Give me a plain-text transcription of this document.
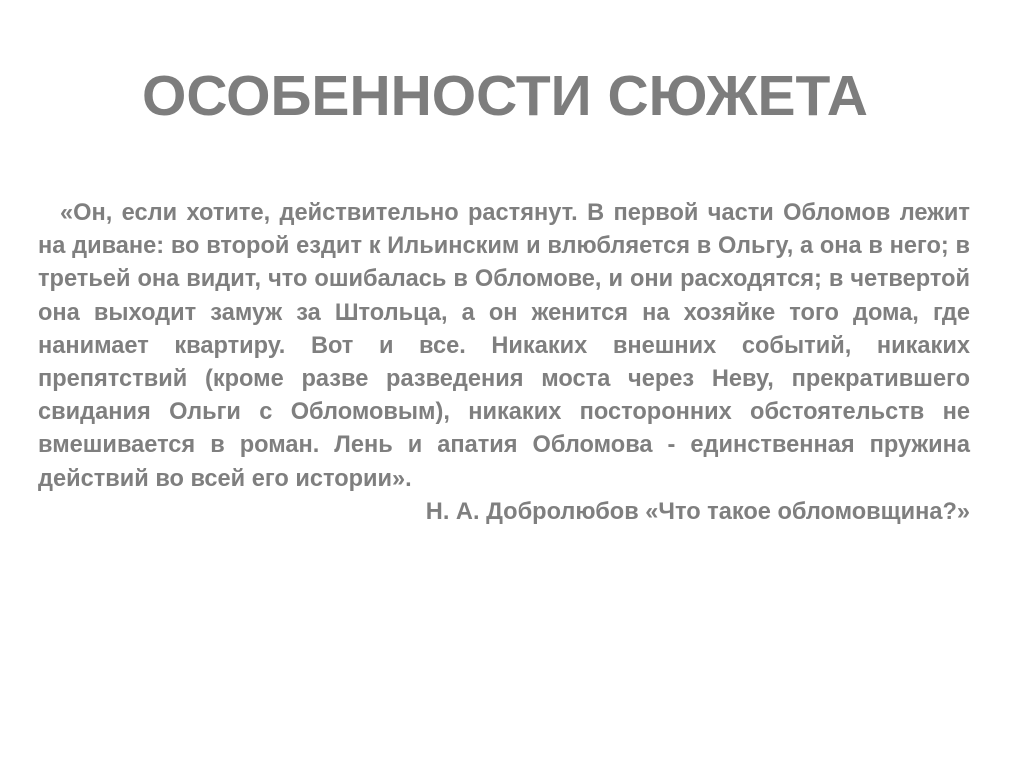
ОСОБЕННОСТИ СЮЖЕТА

«Он, если хотите, действительно растянут. В первой части Обломов лежит на диване: во второй ездит к Ильинским и влюбляется в Ольгу, а она в него; в третьей она видит, что ошибалась в Обломове, и они расходятся; в четвертой она выходит замуж за Штольца, а он женится на хозяйке того дома, где нанимает квартиру. Вот и все. Никаких внешних событий, никаких препятствий (кроме разве разведения моста через Неву, прекратившего свидания Ольги с Обломовым), никаких посторонних обстоятельств не вмешивается в роман. Лень и апатия Обломова - единственная пружина действий во всей его истории».

Н. А. Добролюбов «Что такое обломовщина?»
